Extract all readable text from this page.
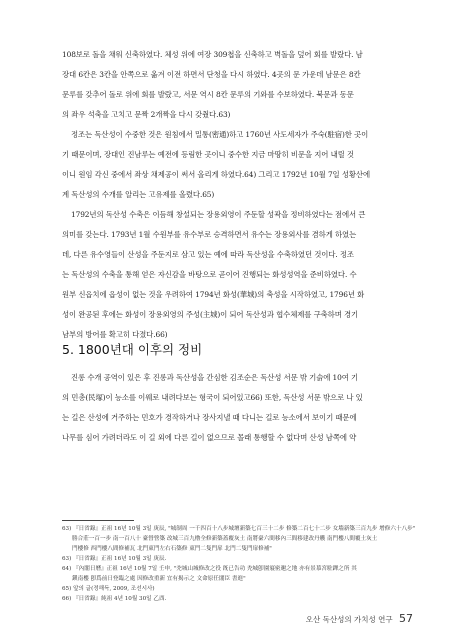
108보로 돌을 채워 신축하였다. 체성 위에 여장 309첩을 신축하고 벽돌을 덮어 회를 발랐다. 남
장대 6칸은 3칸을 안쪽으로 옮겨 이전 하면서 단청을 다시 하였다. 4곳의 문 가운데 남문은 8칸
문루를 갖추어 돌로 위에 회를 발랐고, 서문 역시 8칸 문루의 기와를 수보하였다. 북문과 동문
의 좌우 석축을 고치고 문짝 2개짝을 다시 갖췄다.63)
정조는 독산성이 수중한 것은 원침에서 밀통(密通)하고 1760년 사도세자가 주숙(駐宿)한 곳이
기 때문이며, 장대인 진남루는 예전에 등림한 곳이니 중수한 지금 마땅히 비문을 지어 내릴 것
이니 원임 각신 중에서 좌상 채제공이 써서 올리게 하였다.64) 그리고 1792년 10월 7일 성황산에
계 독산성의 수개를 알리는 고유제를 올렸다.65)
1792년의 독산성 수축은 이듬해 창설되는 장용외영이 주둔할 성곽을 정비하였다는 점에서 큰
의미를 갖는다. 1793년 1월 수원부를 유수부로 승격하면서 유수는 장용외사를 겸하게 하였는
데, 다른 유수영들이 산성을 주둔지로 삼고 있는 예에 따라 독산성을 수축하였던 것이다. 정조
는 독산성의 수축을 통해 얻은 자신감을 바탕으로 곧이어 진행되는 화성성역을 준비하였다. 수
원부 신읍치에 읍성이 없는 것을 우려하여 1794년 화성(華城)의 축성을 시작하였고, 1796년 화
성이 완공된 후에는 화성이 장용외영의 주성(主城)이 되어 독산성과 협수체제를 구축하며 경기
남부의 방어를 확고히 다졌다.66)
5. 1800년대 이후의 정비
진롱 수개 공역이 있은 후 진롱과 독산성을 간심한 김조순은 독산성 서문 밖 기슭에 10여 기
의 민총(民塚)이 능소를 이웨로 내려다보는 형국이 되어있고66) 또한, 독산성 서문 밖으로 나 있
는 길은 산성에 거주하는 민호가 경작하거나 장사지낼 때 다니는 길로 능소에서 보이기 때문에
나무를 심어 가려더라도 이 길 외에 다른 길이 없으므로 몰래 통행할 수 없다며 산성 남쪽에 약
63) 『日省錄』正祖 16년 10월 3일 庚辰, "城制周 一千四百十八步城壇新築七百三十二步 修築二百七十二步 女墻新築三百九步 增修六十八步"
勝合莊一百一步 南一百八十 臺營營築 改城三百九櫓全修新築蓋覆灰土 南將臺六間移內三間移建改丹艧 南門樓八間覆土灰土
門樓修 西門樓八間修補瓦 北門東門左右石築修 東門二隻門扉 北門二隻門扉修補"
63) 『日省錄』正祖 16년 10월 3일 庚辰.
64) 『內閣日曆』正祖 16년 10월 7일 壬申, "禿城山城修改之役 旣已告功 禿城卽園寢密邇之地 亦有景慕宮駐蹕之所 其
鎭南樓 卽爲前日登臨之處 因修改重新 宜有揭示之 文命原任閣臣 書進"
65) 앞의 글(정해득, 2009, 조선시사)
66) 『日省錄』純祖 4년 10월 30일 乙酉.
오산 독산성의 가치성 연구 57
